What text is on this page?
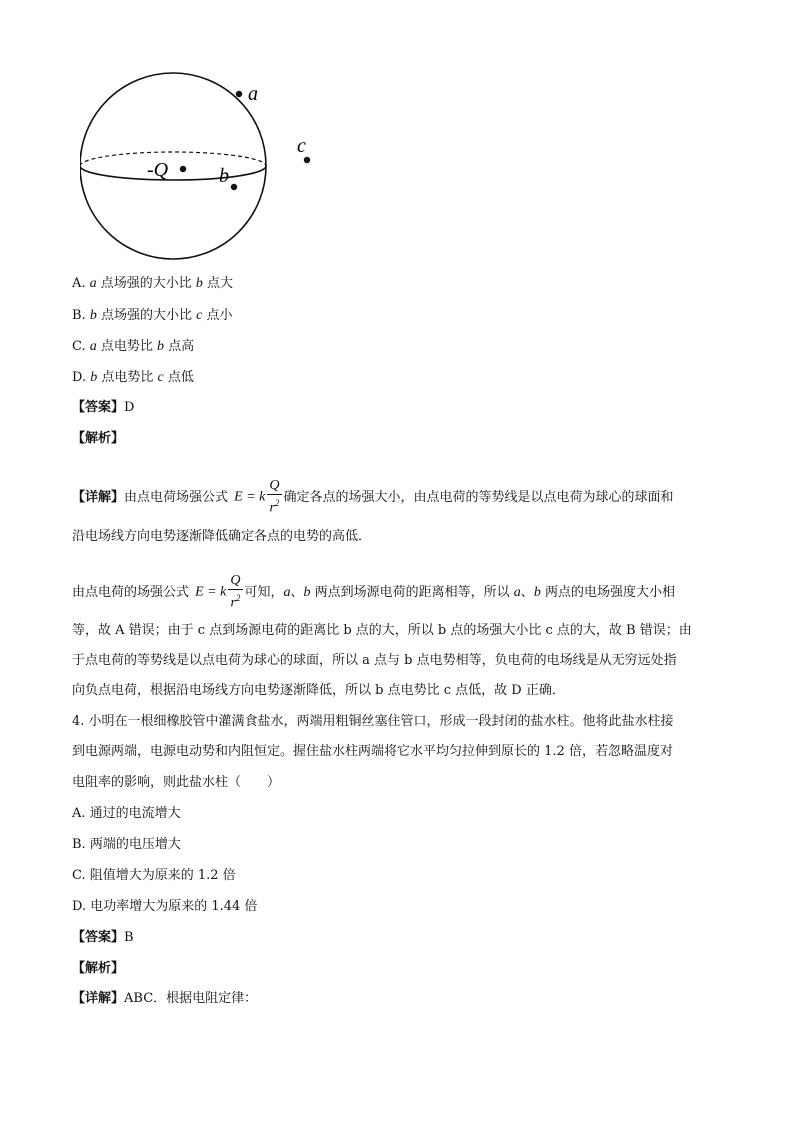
a
-Q	b
c
A. a 点场强的大小比 b 点大
B. b 点场强的大小比 c 点小
C. a 点电势比 b 点高
D. b 点电势比 c 点低
【答案】D
【解析】
【详解】由点电荷场强公式 E = k $\frac{Q}{r^2}$ 确定各点的场强大小，由点电荷的等势线是以点电荷为球心的球面和
沿电场线方向电势逐渐降低确定各点的电势的高低．
由点电荷的场强公式 E = k $\frac{Q}{r^2}$ 可知，a、b 两点到场源电荷的距离相等，所以 a、b 两点的电场强度大小相
等，故 A 错误；由于 c 点到场源电荷的距离比 b 点的大，所以 b 点的场强大小比 c 点的大，故 B 错误；由
于点电荷的等势线是以点电荷为球心的球面，所以 a 点与 b 点电势相等，负电荷的电场线是从无穷远处指
向负点电荷，根据沿电场线方向电势逐渐降低，所以 b 点电势比 c 点低，故 D 正确．
4. 小明在一根细橡胶管中灌满食盐水，两端用粗铜丝塞住管口，形成一段封闭的盐水柱。他将此盐水柱接
到电源两端，电源电动势和内阻恒定。握住盐水柱两端将它水平均匀拉伸到原长的 1.2 倍，若忽略温度对
电阻率的影响，则此盐水柱（　　）
A. 通过的电流增大
B. 两端的电压增大
C. 阻值增大为原来的 1.2 倍
D. 电功率增大为原来的 1.44 倍
【答案】B
【解析】
【详解】ABC．根据电阻定律：
